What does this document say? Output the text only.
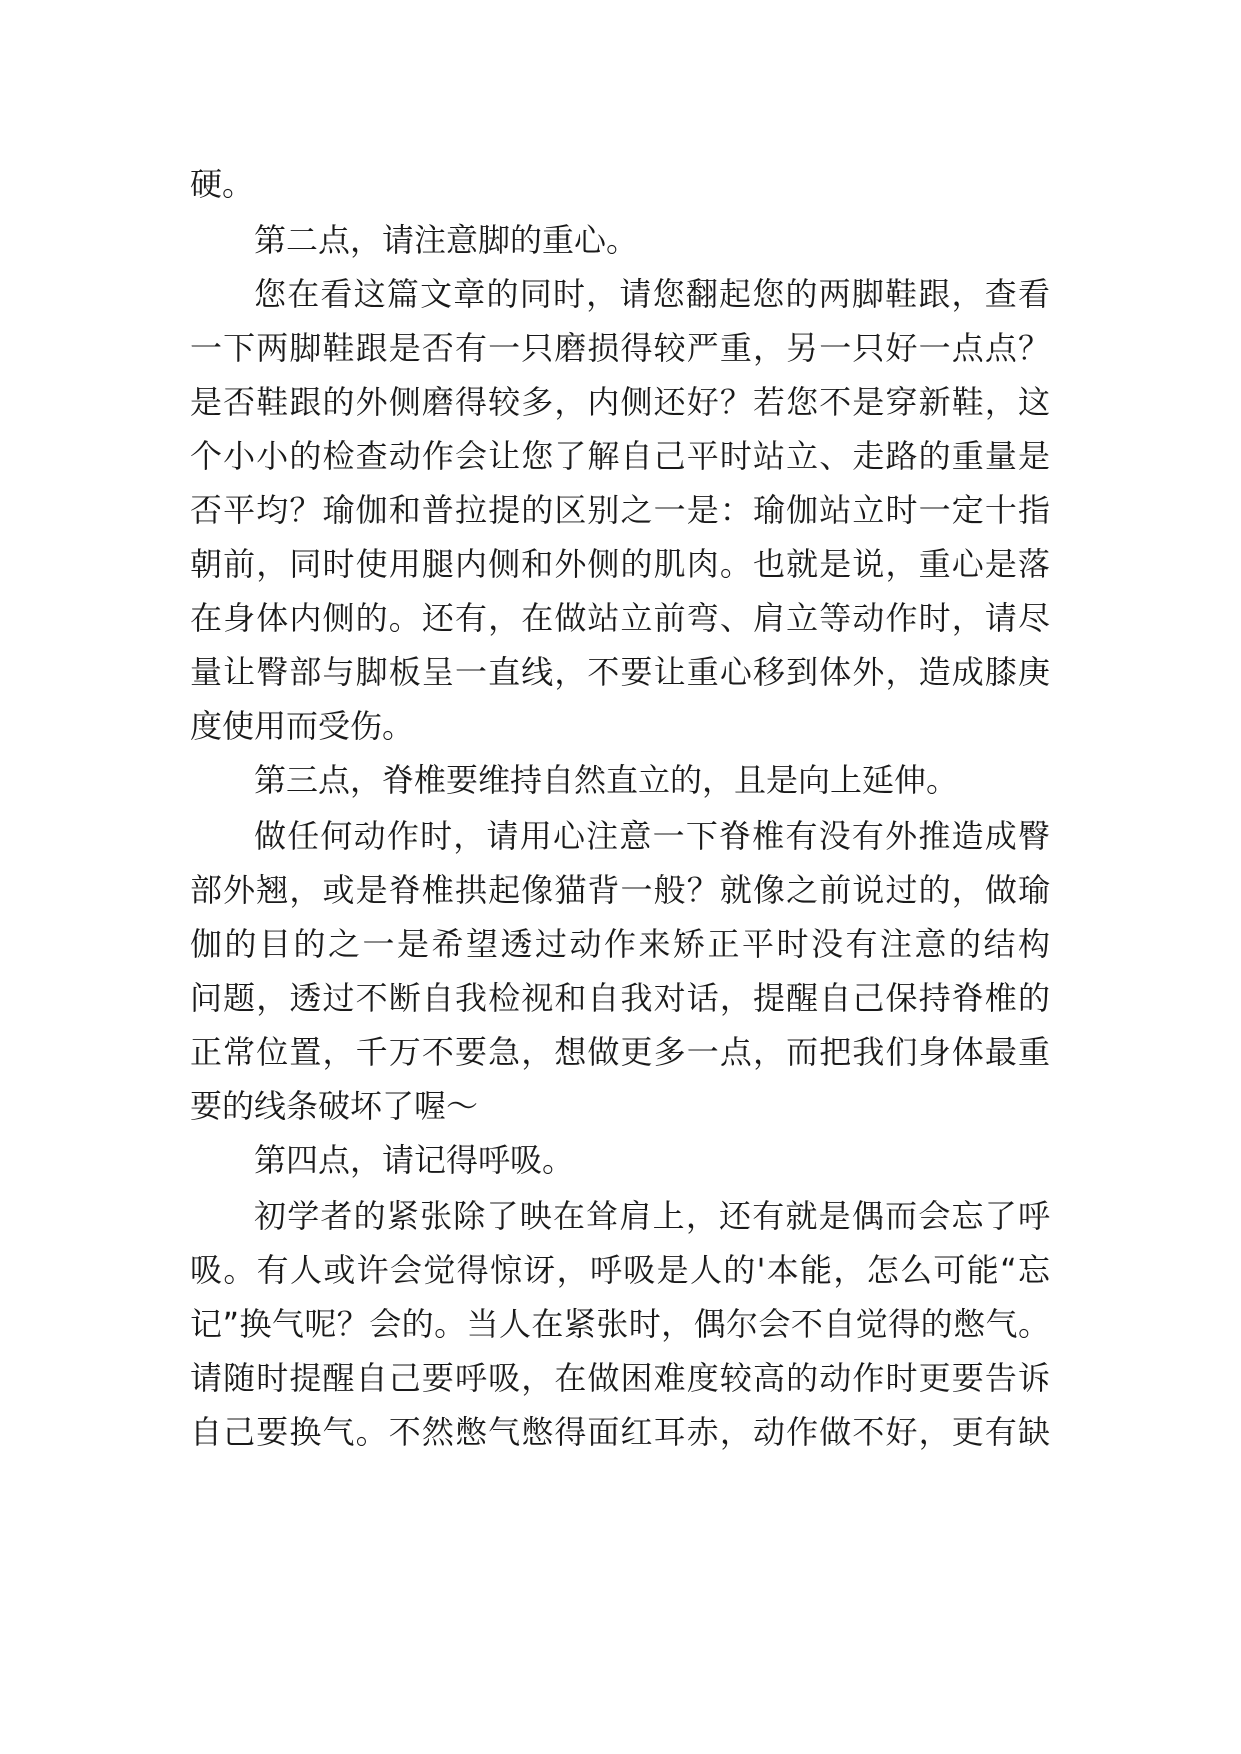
硬。
第二点，请注意脚的重心。
您在看这篇文章的同时，请您翻起您的两脚鞋跟，查看
一下两脚鞋跟是否有一只磨损得较严重，另一只好一点点？
是否鞋跟的外侧磨得较多，内侧还好？若您不是穿新鞋，这
个小小的检查动作会让您了解自己平时站立、走路的重量是
否平均？瑜伽和普拉提的区别之一是：瑜伽站立时一定十指
朝前，同时使用腿内侧和外侧的肌肉。也就是说，重心是落
在身体内侧的。还有，在做站立前弯、肩立等动作时，请尽
量让臀部与脚板呈一直线，不要让重心移到体外，造成膝庚
度使用而受伤。
第三点，脊椎要维持自然直立的，且是向上延伸。
做任何动作时，请用心注意一下脊椎有没有外推造成臀
部外翘，或是脊椎拱起像猫背一般？就像之前说过的，做瑜
伽的目的之一是希望透过动作来矫正平时没有注意的结构
问题，透过不断自我检视和自我对话，提醒自己保持脊椎的
正常位置，千万不要急，想做更多一点，而把我们身体最重
要的线条破坏了喔～
第四点，请记得呼吸。
初学者的紧张除了映在耸肩上，还有就是偶而会忘了呼
吸。有人或许会觉得惊讶，呼吸是人的'本能，怎么可能“忘
记”换气呢？会的。当人在紧张时，偶尔会不自觉得的憋气。
请随时提醒自己要呼吸，在做困难度较高的动作时更要告诉
自己要换气。不然憋气憋得面红耳赤，动作做不好，更有缺
